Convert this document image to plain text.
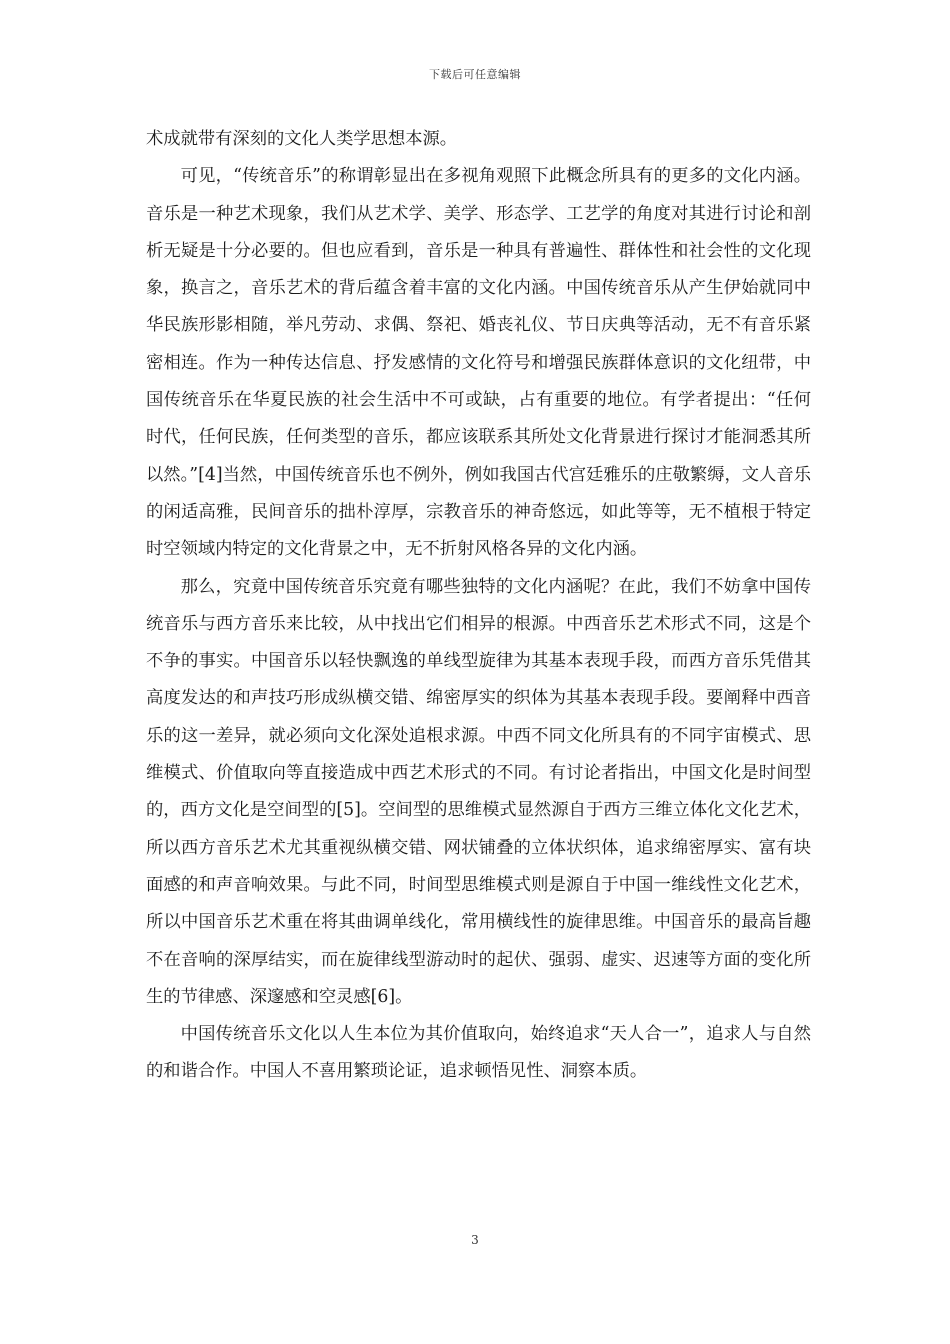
下载后可任意编辑

术成就带有深刻的文化人类学思想本源。

可见，“传统音乐”的称谓彰显出在多视角观照下此概念所具有的更多的文化内涵。音乐是一种艺术现象，我们从艺术学、美学、形态学、工艺学的角度对其进行讨论和剖析无疑是十分必要的。但也应看到，音乐是一种具有普遍性、群体性和社会性的文化现象，换言之，音乐艺术的背后蕴含着丰富的文化内涵。中国传统音乐从产生伊始就同中华民族形影相随，举凡劳动、求偶、祭祀、婚丧礼仪、节日庆典等活动，无不有音乐紧密相连。作为一种传达信息、抒发感情的文化符号和增强民族群体意识的文化纽带，中国传统音乐在华夏民族的社会生活中不可或缺，占有重要的地位。有学者提出：“任何时代，任何民族，任何类型的音乐，都应该联系其所处文化背景进行探讨才能洞悉其所以然。”[4]当然，中国传统音乐也不例外，例如我国古代宫廷雅乐的庄敬繁缛，文人音乐的闲适高雅，民间音乐的拙朴淳厚，宗教音乐的神奇悠远，如此等等，无不植根于特定时空领域内特定的文化背景之中，无不折射风格各异的文化内涵。

那么，究竟中国传统音乐究竟有哪些独特的文化内涵呢？在此，我们不妨拿中国传统音乐与西方音乐来比较，从中找出它们相异的根源。中西音乐艺术形式不同，这是个不争的事实。中国音乐以轻快飘逸的单线型旋律为其基本表现手段，而西方音乐凭借其高度发达的和声技巧形成纵横交错、绵密厚实的织体为其基本表现手段。要阐释中西音乐的这一差异，就必须向文化深处追根求源。中西不同文化所具有的不同宇宙模式、思维模式、价值取向等直接造成中西艺术形式的不同。有讨论者指出，中国文化是时间型的，西方文化是空间型的[5]。空间型的思维模式显然源自于西方三维立体化文化艺术，所以西方音乐艺术尤其重视纵横交错、网状铺叠的立体状织体，追求绵密厚实、富有块面感的和声音响效果。与此不同，时间型思维模式则是源自于中国一维线性文化艺术，所以中国音乐艺术重在将其曲调单线化，常用横线性的旋律思维。中国音乐的最高旨趣不在音响的深厚结实，而在旋律线型游动时的起伏、强弱、虚实、迟速等方面的变化所生的节律感、深邃感和空灵感[6]。

中国传统音乐文化以人生本位为其价值取向，始终追求“天人合一”，追求人与自然的和谐合作。中国人不喜用繁琐论证，追求顿悟见性、洞察本质。

3
